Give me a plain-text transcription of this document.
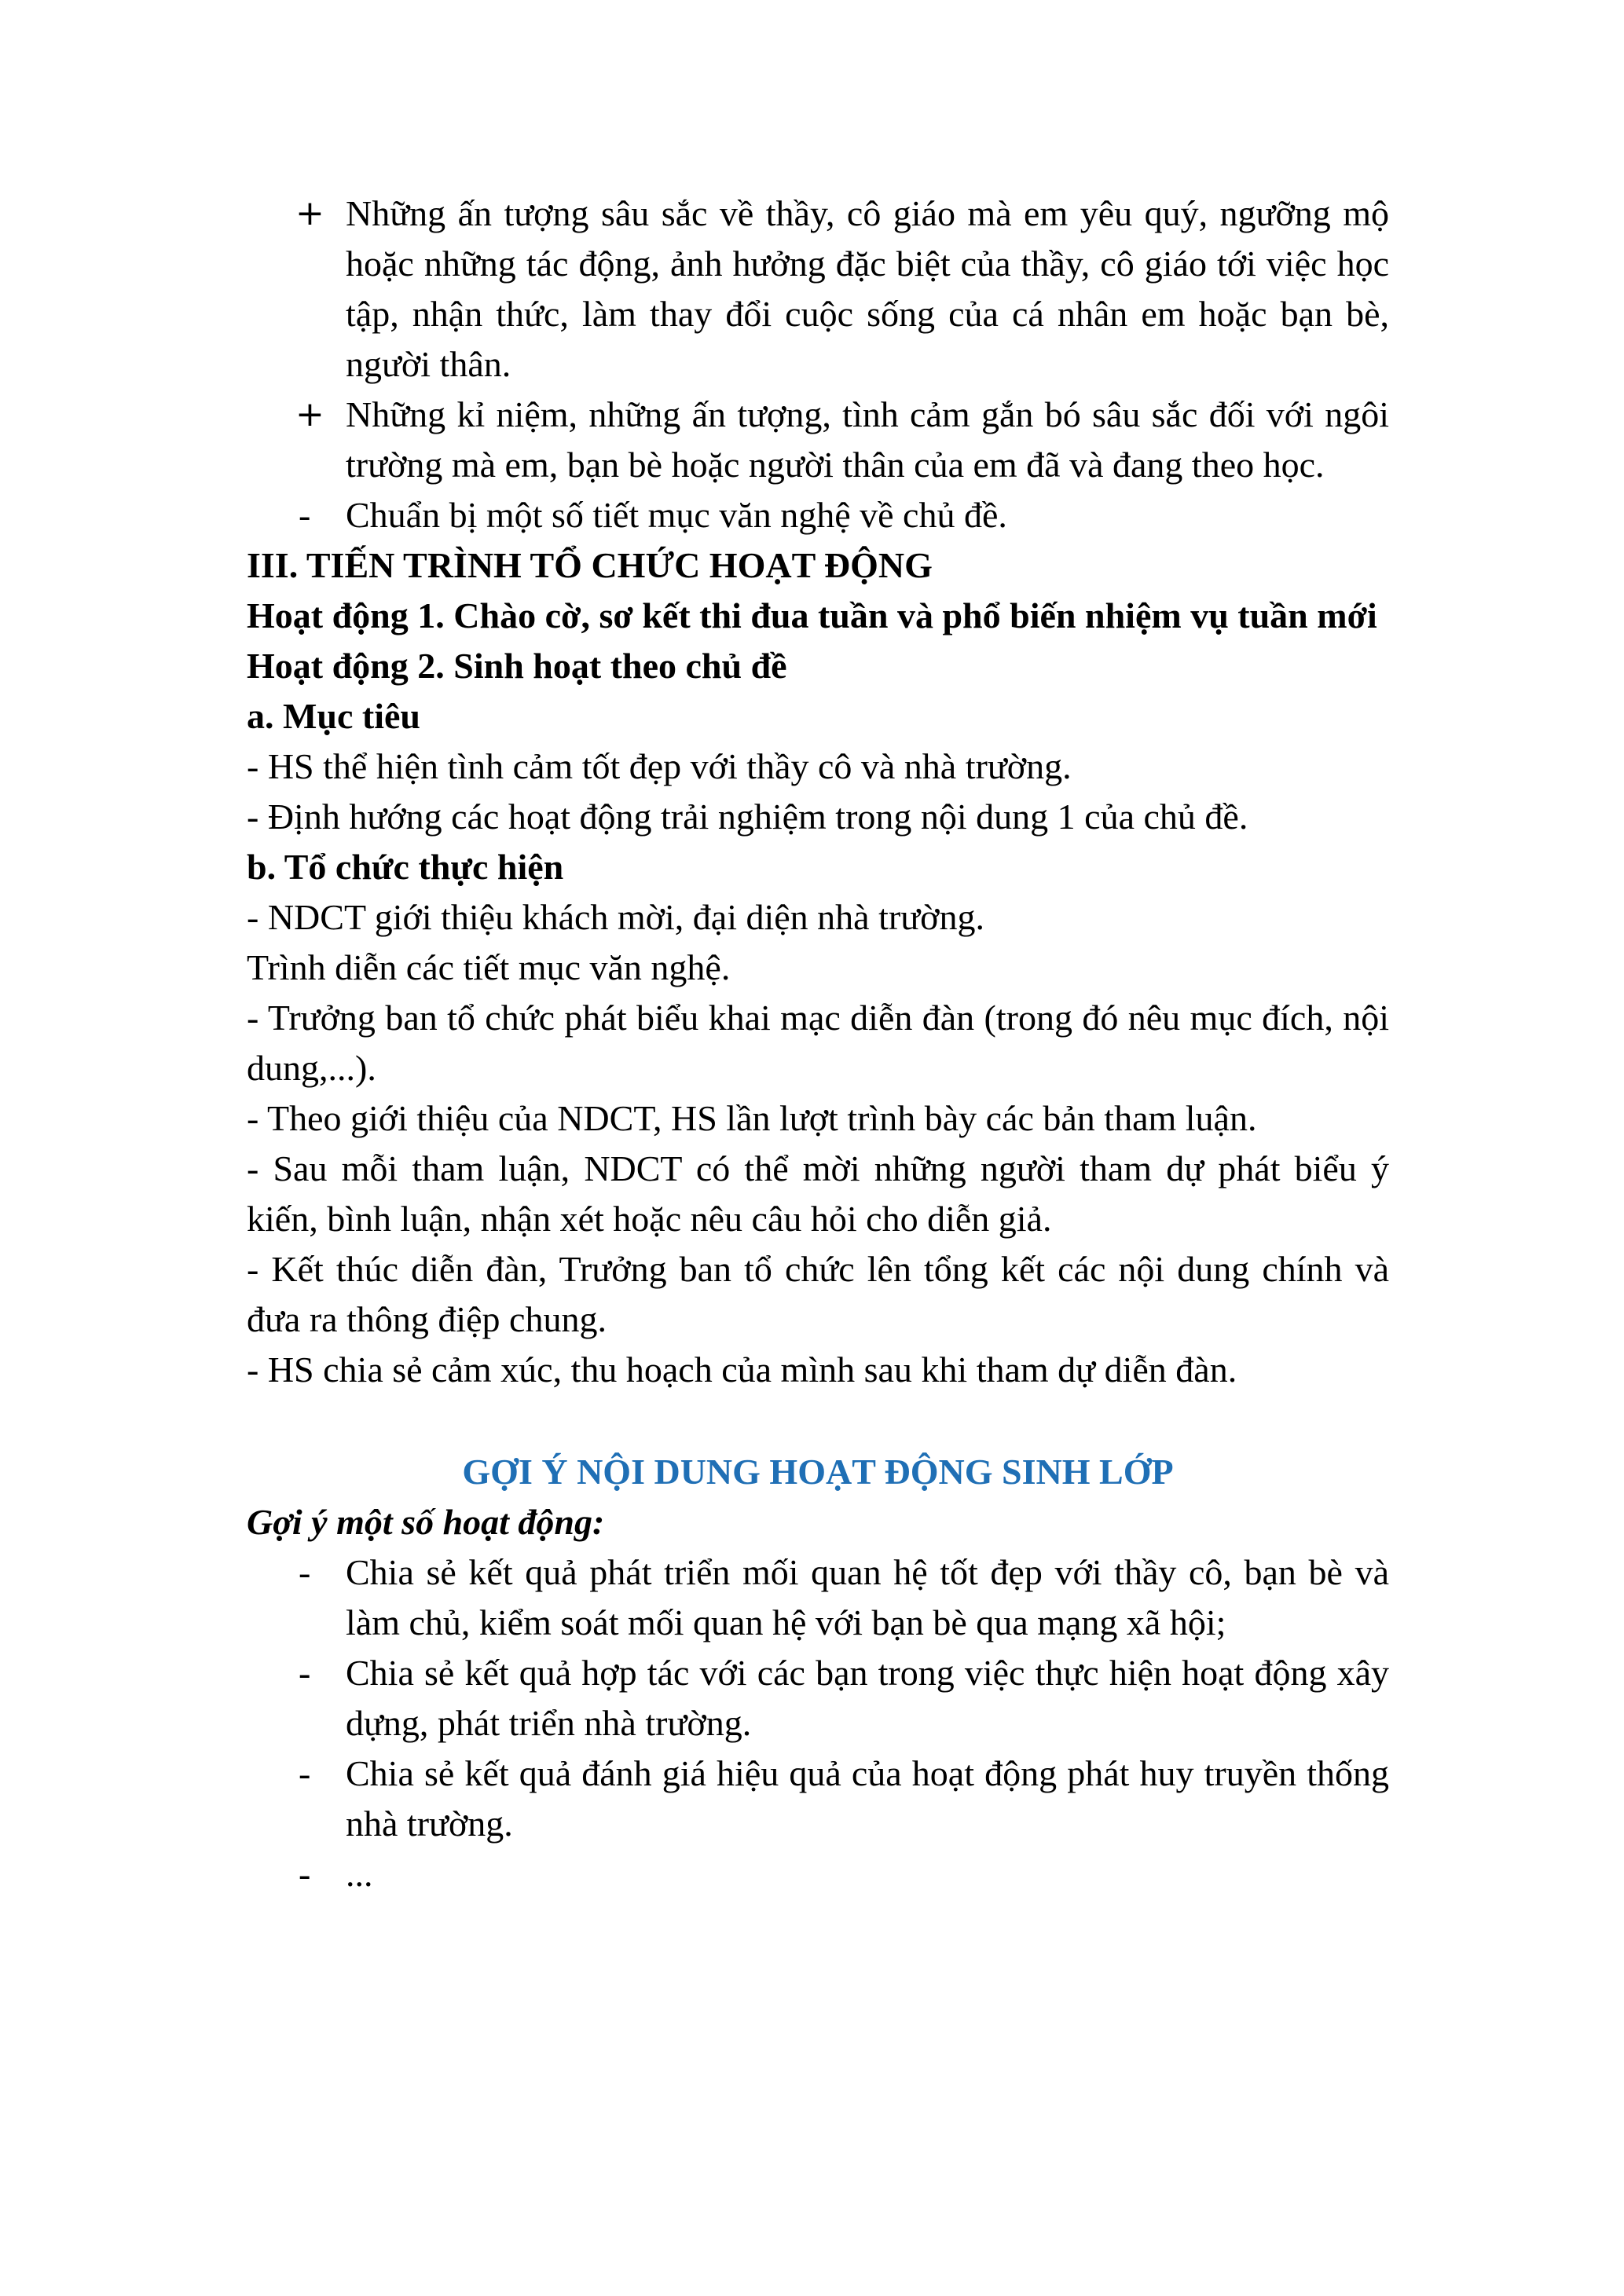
+ Những ấn tượng sâu sắc về thầy, cô giáo mà em yêu quý, ngưỡng mộ hoặc những tác động, ảnh hưởng đặc biệt của thầy, cô giáo tới việc học tập, nhận thức, làm thay đổi cuộc sống của cá nhân em hoặc bạn bè, người thân.
+ Những kỉ niệm, những ấn tượng, tình cảm gắn bó sâu sắc đối với ngôi trường mà em, bạn bè hoặc người thân của em đã và đang theo học.
- Chuẩn bị một số tiết mục văn nghệ về chủ đề.
III. TIẾN TRÌNH TỔ CHỨC HOẠT ĐỘNG
Hoạt động 1. Chào cờ, sơ kết thi đua tuần và phổ biến nhiệm vụ tuần mới
Hoạt động 2. Sinh hoạt theo chủ đề
a. Mục tiêu
- HS thể hiện tình cảm tốt đẹp với thầy cô và nhà trường.
- Định hướng các hoạt động trải nghiệm trong nội dung 1 của chủ đề.
b. Tổ chức thực hiện
- NDCT giới thiệu khách mời, đại diện nhà trường.
Trình diễn các tiết mục văn nghệ.
- Trưởng ban tổ chức phát biểu khai mạc diễn đàn (trong đó nêu mục đích, nội dung,...).
- Theo giới thiệu của NDCT, HS lần lượt trình bày các bản tham luận.
- Sau mỗi tham luận, NDCT có thể mời những người tham dự phát biểu ý kiến, bình luận, nhận xét hoặc nêu câu hỏi cho diễn giả.
- Kết thúc diễn đàn, Trưởng ban tổ chức lên tổng kết các nội dung chính và đưa ra thông điệp chung.
- HS chia sẻ cảm xúc, thu hoạch của mình sau khi tham dự diễn đàn.
GỢI Ý NỘI DUNG HOẠT ĐỘNG SINH LỚP
Gợi ý một số hoạt động:
- Chia sẻ kết quả phát triển mối quan hệ tốt đẹp với thầy cô, bạn bè và làm chủ, kiểm soát mối quan hệ với bạn bè qua mạng xã hội;
- Chia sẻ kết quả hợp tác với các bạn trong việc thực hiện hoạt động xây dựng, phát triển nhà trường.
- Chia sẻ kết quả đánh giá hiệu quả của hoạt động phát huy truyền thống nhà trường.
- ...
